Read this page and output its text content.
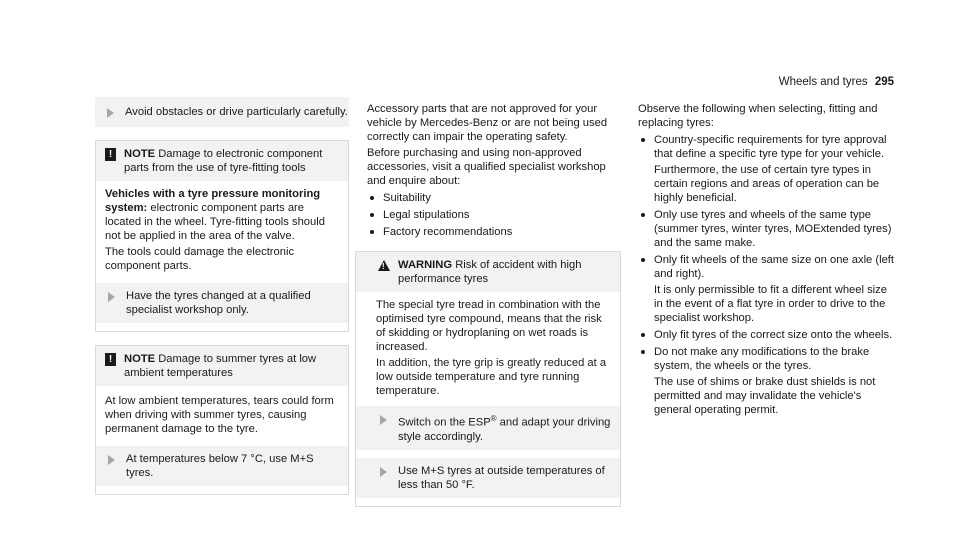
Wheels and tyres 295
Avoid obstacles or drive particularly carefully.
!	NOTE Damage to electronic component parts from the use of tyre-fitting tools

Vehicles with a tyre pressure monitoring system: electronic component parts are located in the wheel. Tyre-fitting tools should not be applied in the area of the valve.

The tools could damage the electronic component parts.

Have the tyres changed at a qualified specialist workshop only.
!	NOTE Damage to summer tyres at low ambient temperatures

At low ambient temperatures, tears could form when driving with summer tyres, causing permanent damage to the tyre.

At temperatures below 7 °C, use M+S tyres.

Accessory parts that are not approved for your vehicle by Mercedes-Benz or are not being used correctly can impair the operating safety.

Before purchasing and using non-approved accessories, visit a qualified specialist workshop and enquire about:

Suitability
Legal stipulations
Factory recommendations
! WARNING Risk of accident with high performance tyres

The special tyre tread in combination with the optimised tyre compound, means that the risk of skidding or hydroplaning on wet roads is increased.

In addition, the tyre grip is greatly reduced at a low outside temperature and tyre running temperature.

Switch on the ESP® and adapt your driving style accordingly.
Use M+S tyres at outside temperatures of less than 50 °F.

Observe the following when selecting, fitting and replacing tyres:

Country-specific requirements for tyre approval that define a specific tyre type for your vehicle.

Furthermore, the use of certain tyre types in certain regions and areas of operation can be highly beneficial.

Only use tyres and wheels of the same type (summer tyres, winter tyres, MOExtended tyres) and the same make.

Only fit wheels of the same size on one axle (left and right).

It is only permissible to fit a different wheel size in the event of a flat tyre in order to drive to the specialist workshop.

Only fit tyres of the correct size onto the wheels.

Do not make any modifications to the brake system, the wheels or the tyres.

The use of shims or brake dust shields is not permitted and may invalidate the vehicle's general operating permit.
